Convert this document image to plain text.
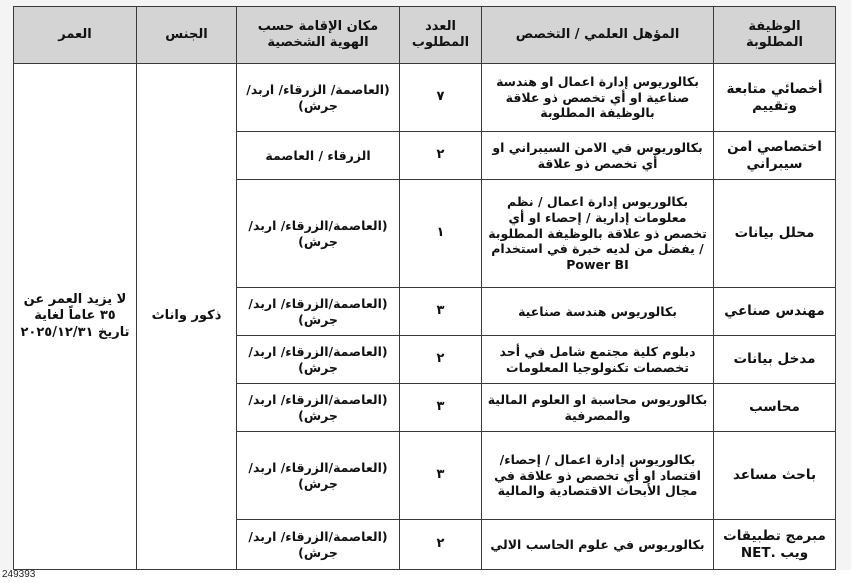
الوظيفة المطلوبة	المؤهل العلمي / التخصص	العدد المطلوب	مكان الإقامة حسب الهوية الشخصية	الجنس	العمر
أخصائي متابعة وتقييم	بكالوريوس إدارة اعمال او هندسة صناعية او أي تخصص ذو علاقة بالوظيفة المطلوبة	٧	(العاصمة/ الزرقاء/ اربد/جرش)	ذكور واناث	لا يزيد العمر عن ٣٥ عاماً لغاية تاريخ ٢٠٢٥/١٢/٣١
اختصاصي امن سيبراني	بكالوريوس في الامن السيبراني او أي تخصص ذو علاقة	٢	الزرقاء / العاصمة		
محلل بيانات	بكالوريوس إدارة اعمال / نظم معلومات إدارية / إحصاء او أي تخصص ذو علاقة بالوظيفة المطلوبة / يفضل من لديه خبرة في استخدام Power BI	١	(العاصمة/الزرقاء/ اربد/جرش)		
مهندس صناعي	بكالوريوس هندسة صناعية	٣	(العاصمة/الزرقاء/ اربد/جرش)		
مدخل بيانات	دبلوم كلية مجتمع شامل في أحد تخصصات تكنولوجيا المعلومات	٢	(العاصمة/الزرقاء/ اربد/جرش)		
محاسب	بكالوريوس محاسبة او العلوم المالية والمصرفية	٣	(العاصمة/الزرقاء/ اربد/جرش)		
باحث مساعد	بكالوريوس إدارة اعمال / إحصاء/ اقتصاد او أي تخصص ذو علاقة في مجال الأبحاث الاقتصادية والمالية	٣	(العاصمة/الزرقاء/ اربد/جرش)		
مبرمج تطبيقات ويب .NET	بكالوريوس في علوم الحاسب الالي	٢	(العاصمة/الزرقاء/ اربد/جرش)		
249393
